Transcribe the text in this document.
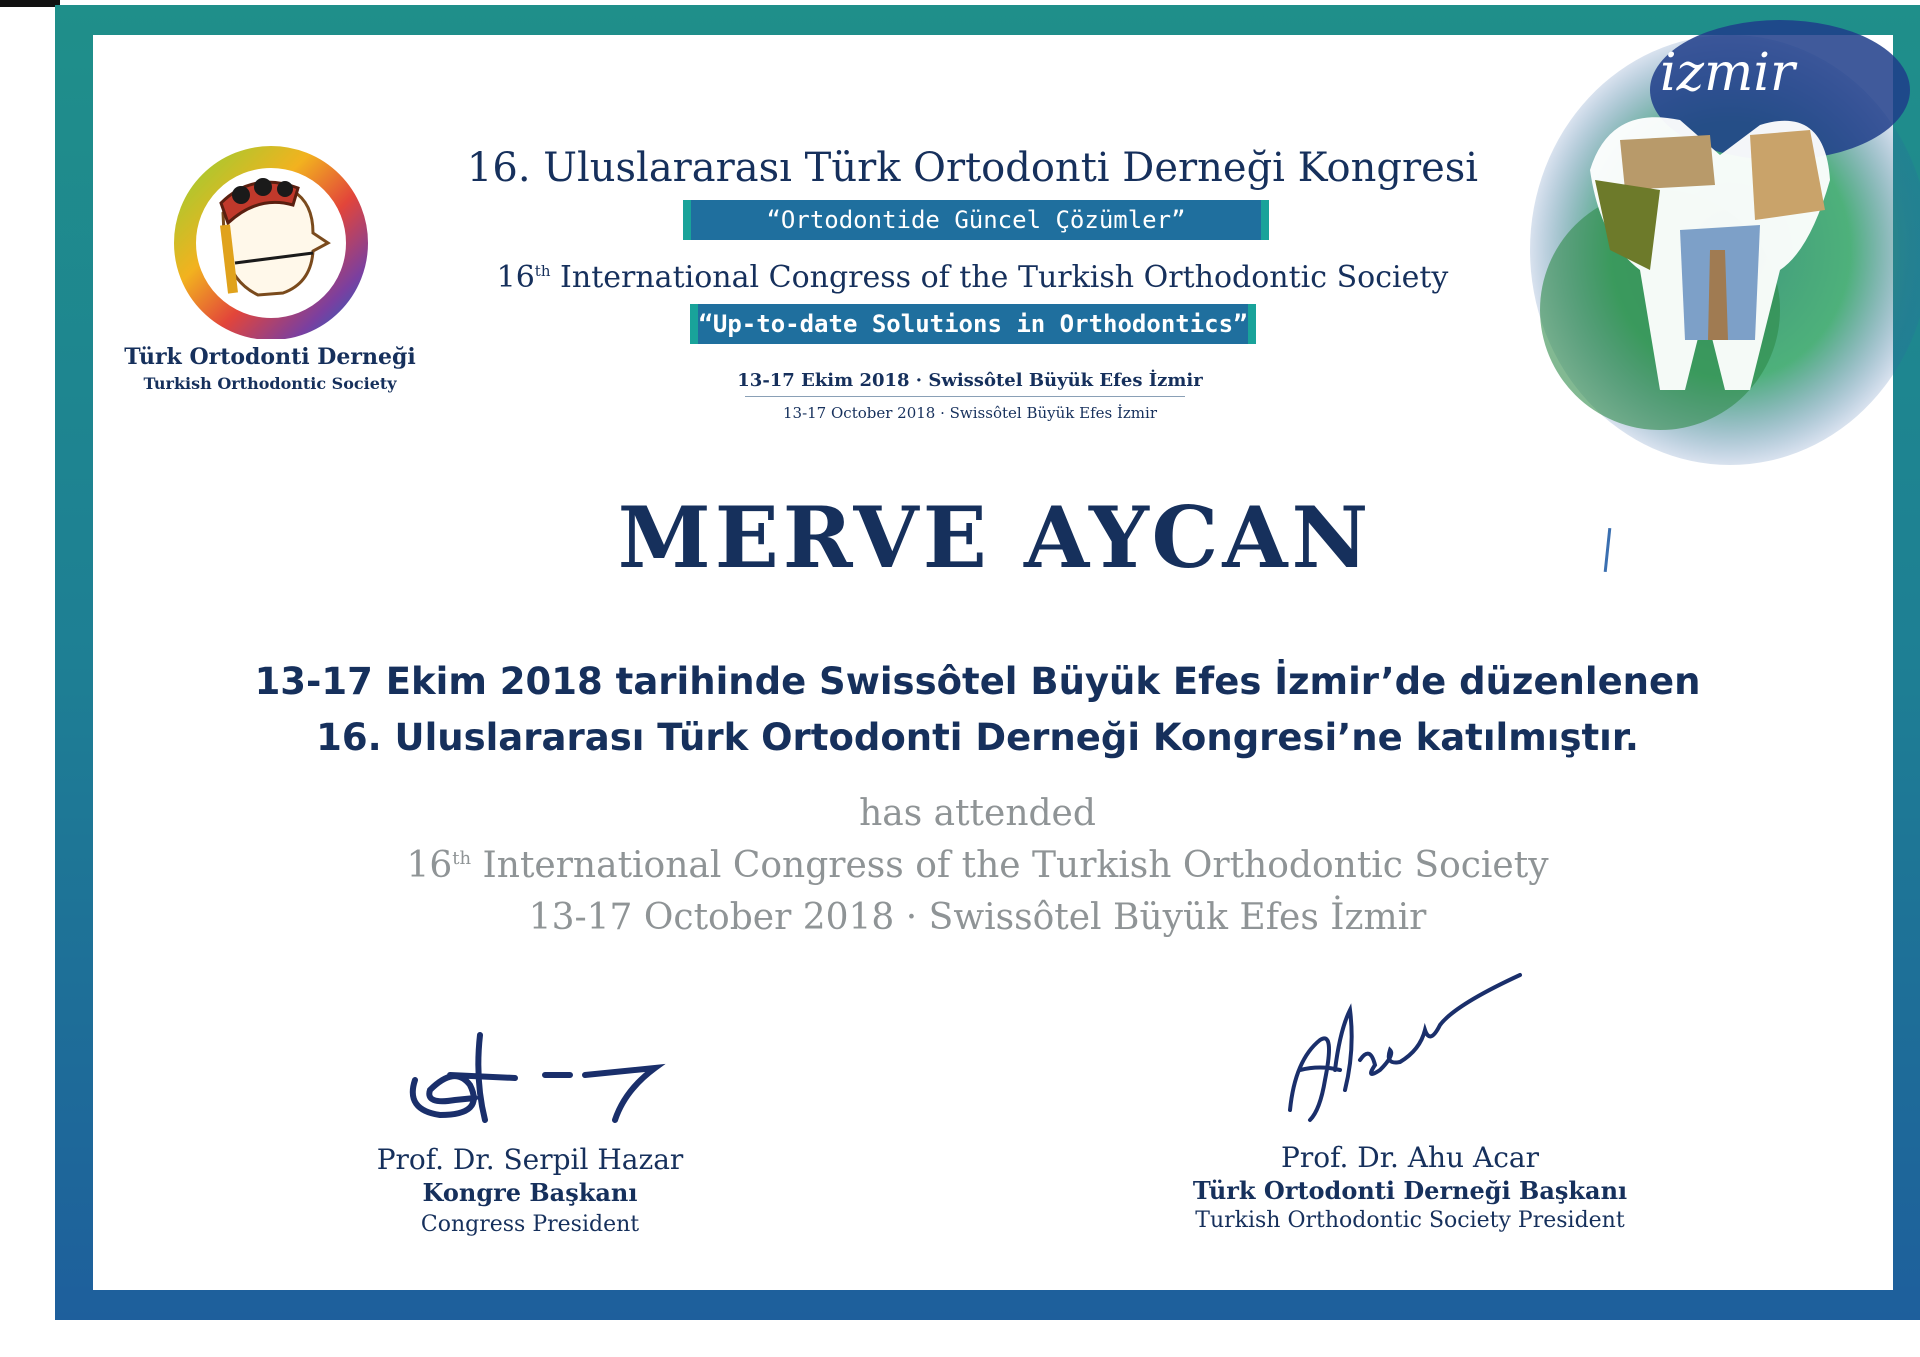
Türk Ortodonti Derneği
Turkish Orthodontic Society
16. Uluslararası Türk Ortodonti Derneği Kongresi
“Ortodontide Güncel Çözümler”
16th International Congress of the Turkish Orthodontic Society
“Up-to-date Solutions in Orthodontics”
13-17 Ekim 2018 · Swissôtel Büyük Efes İzmir
13-17 October 2018 · Swissôtel Büyük Efes İzmir
izmir
MERVE AYCAN
13-17 Ekim 2018 tarihinde Swissôtel Büyük Efes İzmir’de düzenlenen
16. Uluslararası Türk Ortodonti Derneği Kongresi’ne katılmıştır.
has attended
16th International Congress of the Turkish Orthodontic Society
13-17 October 2018 · Swissôtel Büyük Efes İzmir
Prof. Dr. Serpil Hazar
Kongre Başkanı
Congress President
Prof. Dr. Ahu Acar
Türk Ortodonti Derneği Başkanı
Turkish Orthodontic Society President
